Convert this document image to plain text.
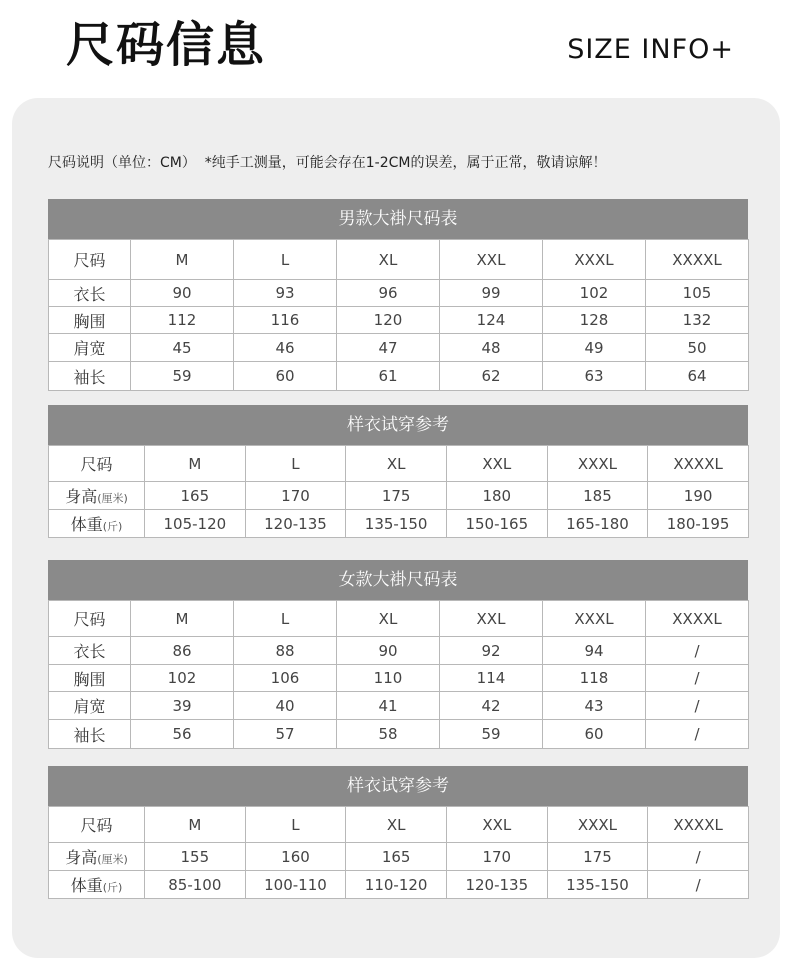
尺码信息	SIZE INFO+
尺码说明（单位：CM）  *纯手工测量，可能会存在1-2CM的误差，属于正常，敬请谅解！
男款大褂尺码表
尺码	M	L	XL	XXL	XXXL	XXXXL
衣长	90	93	96	99	102	105
胸围	112	116	120	124	128	132
肩宽	45	46	47	48	49	50
袖长	59	60	61	62	63	64
样衣试穿参考
尺码	M	L	XL	XXL	XXXL	XXXXL
身高(厘米)	165	170	175	180	185	190
体重(斤)	105-120	120-135	135-150	150-165	165-180	180-195
女款大褂尺码表
尺码	M	L	XL	XXL	XXXL	XXXXL
衣长	86	88	90	92	94	/
胸围	102	106	110	114	118	/
肩宽	39	40	41	42	43	/
袖长	56	57	58	59	60	/
样衣试穿参考
尺码	M	L	XL	XXL	XXXL	XXXXL
身高(厘米)	155	160	165	170	175	/
体重(斤)	85-100	100-110	110-120	120-135	135-150	/
